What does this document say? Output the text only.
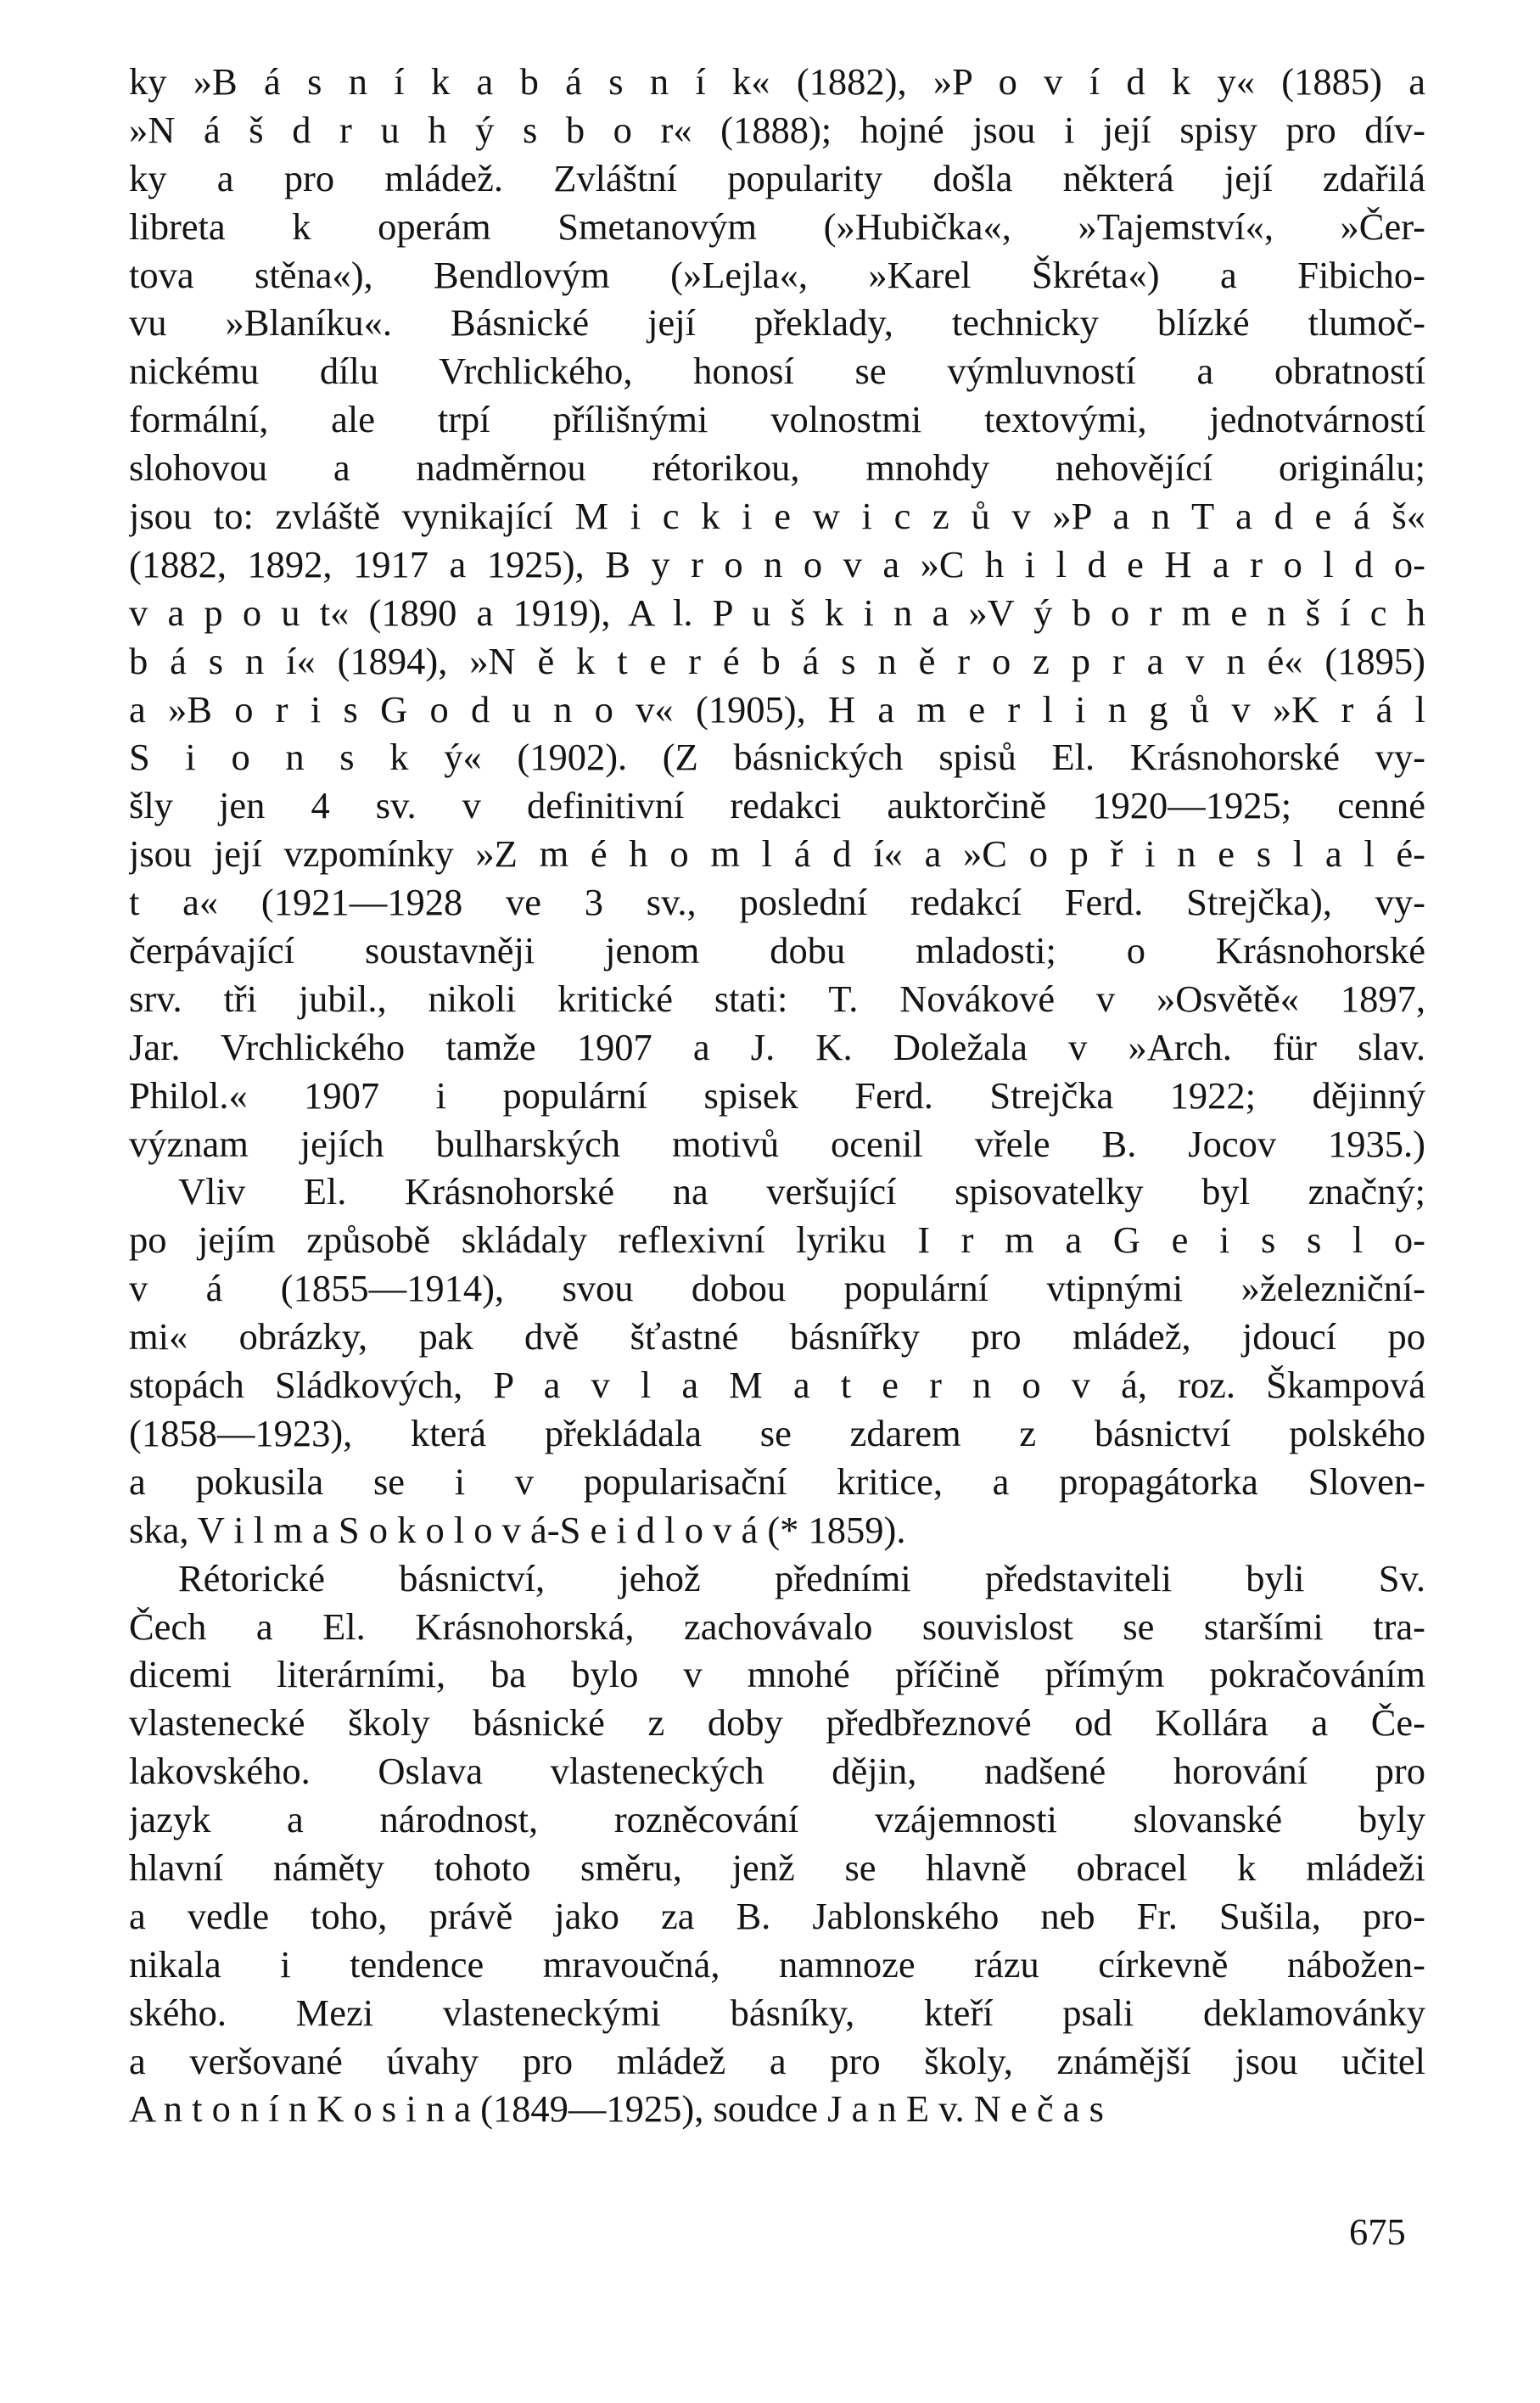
ky »B á s n í k a b á s n í k« (1882), »P o v í d k y« (1885) a
»N á š d r u h ý s b o r« (1888); hojné jsou i její spisy pro dív-
ky a pro mládež. Zvláštní popularity došla některá její zdařilá
libreta k operám Smetanovým (»Hubička«, »Tajemství«, »Čer-
tova stěna«), Bendlovým (»Lejla«, »Karel Škréta«) a Fibicho-
vu »Blaníku«. Básnické její překlady, technicky blízké tlumoč-
nickému dílu Vrchlického, honosí se výmluvností a obratností
formální, ale trpí přílišnými volnostmi textovými, jednotvárností
slohovou a nadměrnou rétorikou, mnohdy nehovějící originálu;
jsou to: zvláště vynikající M i c k i e w i c z ů v »P a n T a d e á š«
(1882, 1892, 1917 a 1925), B y r o n o v a »C h i l d e H a r o l d o-
v a p o u t« (1890 a 1919), A l. P u š k i n a »V ý b o r m e n š í c h
b á s n í« (1894), »N ě k t e r é b á s n ě r o z p r a v n é« (1895)
a »B o r i s G o d u n o v« (1905), H a m e r l i n g ů v »K r á l
S i o n s k ý« (1902). (Z básnických spisů El. Krásnohorské vy-
šly jen 4 sv. v definitivní redakci auktorčině 1920—1925; cenné
jsou její vzpomínky »Z m é h o m l á d í« a »C o p ř i n e s l a l é-
t a« (1921—1928 ve 3 sv., poslední redakcí Ferd. Strejčka), vy-
čerpávající soustavněji jenom dobu mladosti; o Krásnohorské
srv. tři jubil., nikoli kritické stati: T. Novákové v »Osvětě« 1897,
Jar. Vrchlického tamže 1907 a J. K. Doležala v »Arch. für slav.
Philol.« 1907 i populární spisek Ferd. Strejčka 1922; dějinný
význam jejích bulharských motivů ocenil vřele B. Jocov 1935.)
Vliv El. Krásnohorské na veršující spisovatelky byl značný;
po jejím způsobě skládaly reflexivní lyriku I r m a G e i s s l o-
v á (1855—1914), svou dobou populární vtipnými »železniční-
mi« obrázky, pak dvě šťastné básnířky pro mládež, jdoucí po
stopách Sládkových, P a v l a M a t e r n o v á, roz. Škampová
(1858—1923), která překládala se zdarem z básnictví polského
a pokusila se i v popularisační kritice, a propagátorka Sloven-
ska, V i l m a S o k o l o v á-S e i d l o v á (* 1859).
Rétorické básnictví, jehož předními představiteli byli Sv.
Čech a El. Krásnohorská, zachovávalo souvislost se staršími tra-
dicemi literárními, ba bylo v mnohé příčině přímým pokračováním
vlastenecké školy básnické z doby předbřeznové od Kollára a Če-
lakovského. Oslava vlasteneckých dějin, nadšené horování pro
jazyk a národnost, rozněcování vzájemnosti slovanské byly
hlavní náměty tohoto směru, jenž se hlavně obracel k mládeži
a vedle toho, právě jako za B. Jablonského neb Fr. Sušila, pro-
nikala i tendence mravoučná, namnoze rázu církevně nábožen-
ského. Mezi vlasteneckými básníky, kteří psali deklamovánky
a veršované úvahy pro mládež a pro školy, známější jsou učitel
A n t o n í n K o s i n a (1849—1925), soudce J a n E v. N e č a s
675
